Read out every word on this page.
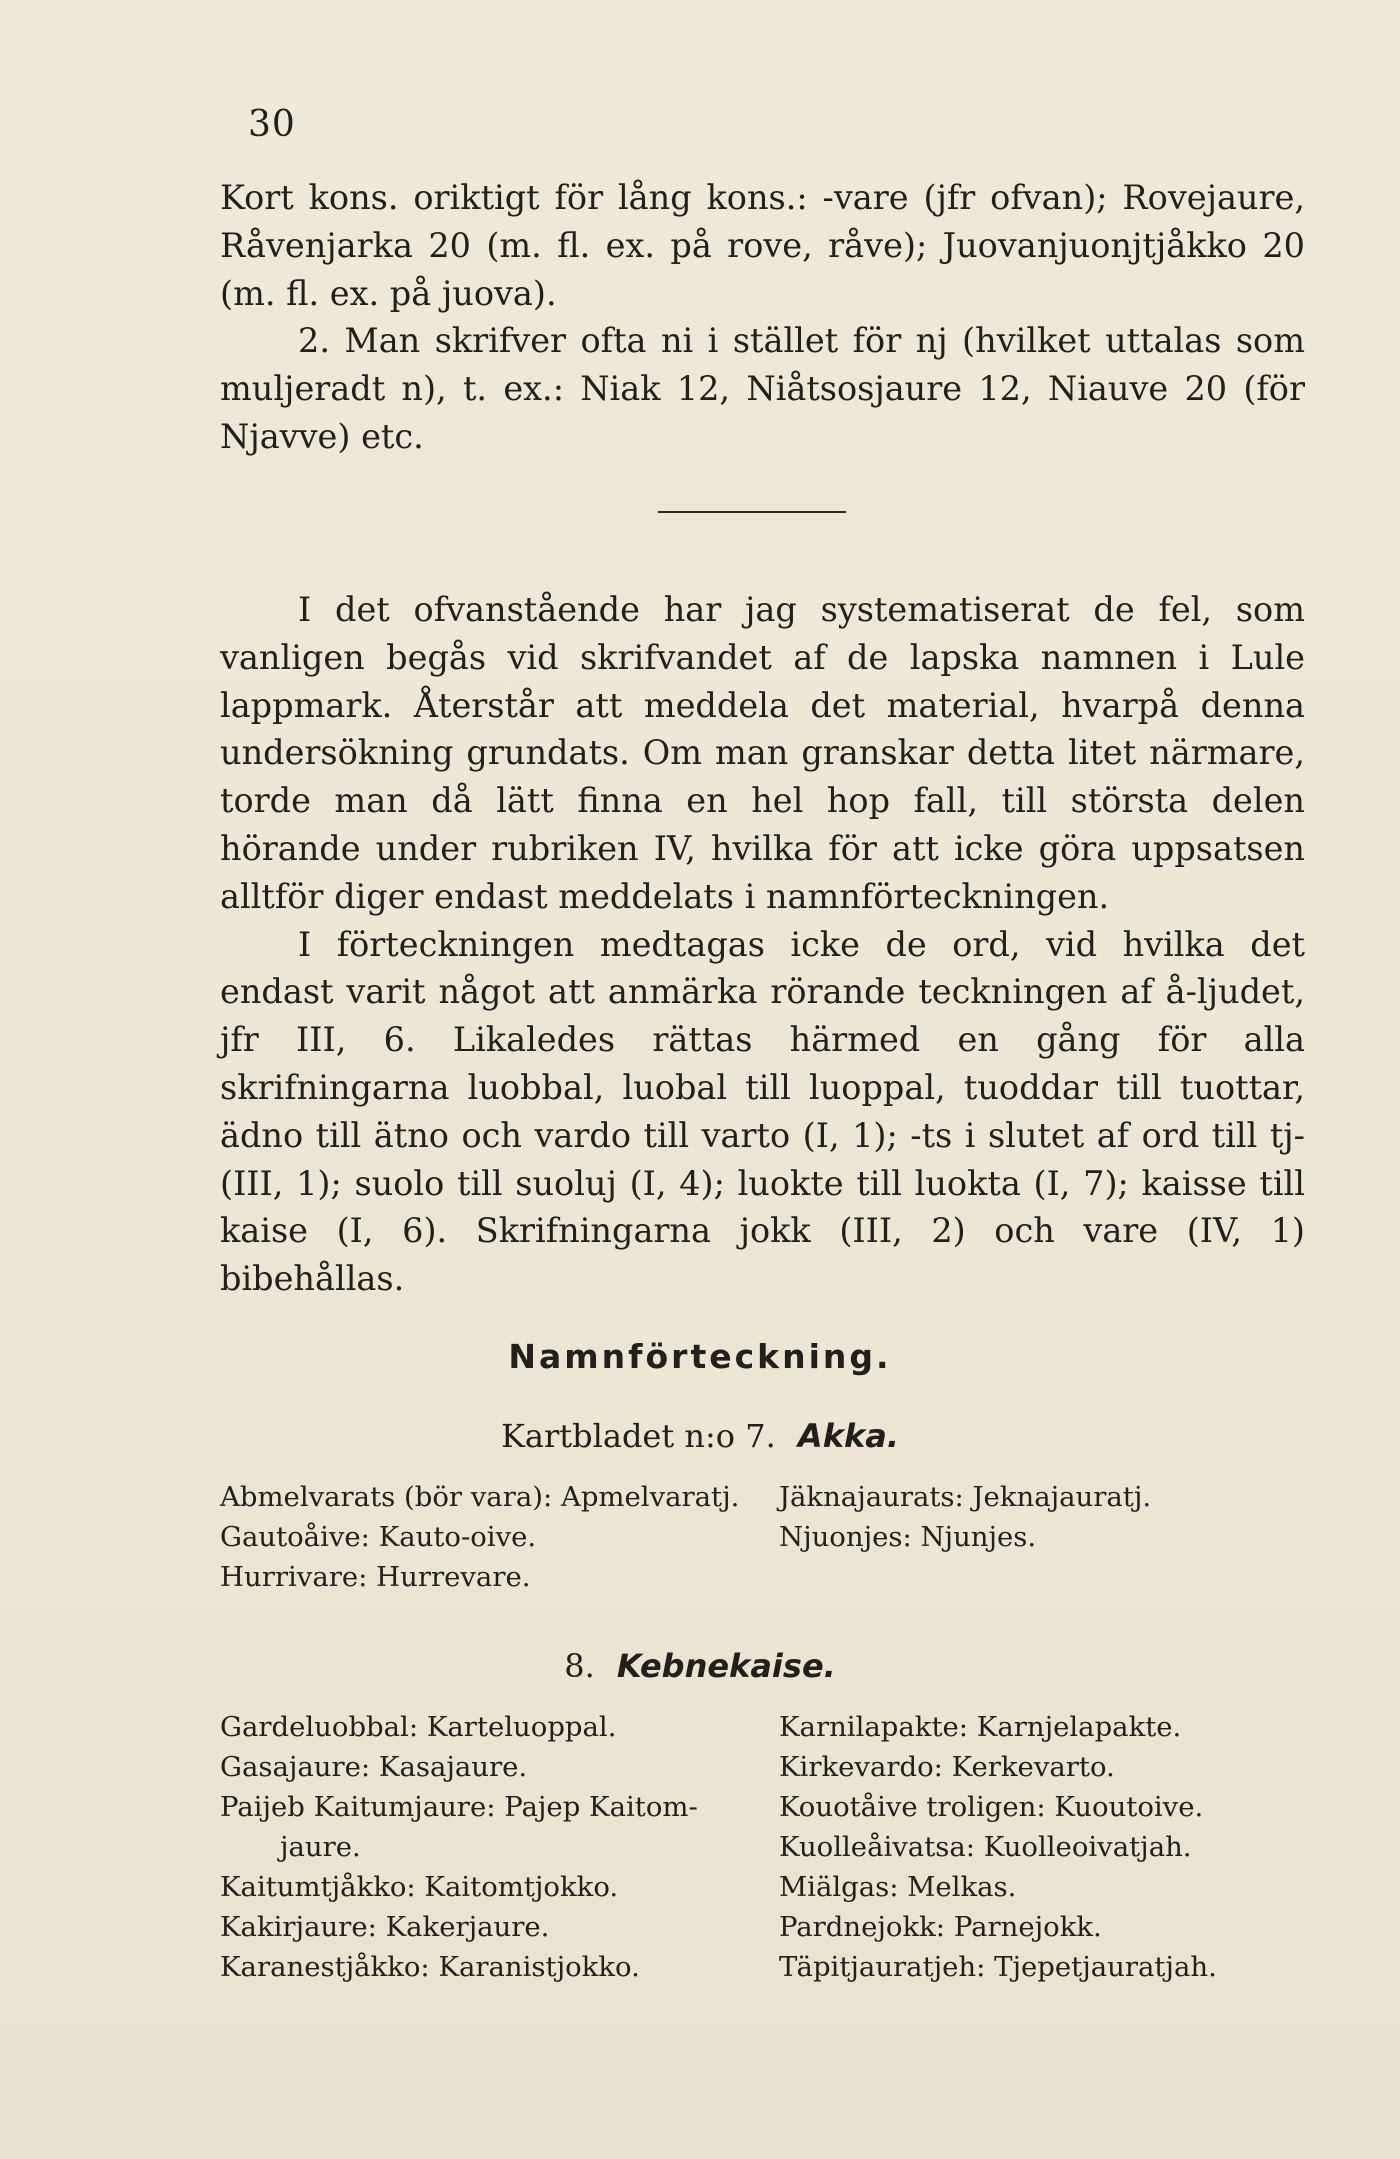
30

Kort kons. oriktigt för lång kons.: -vare (jfr ofvan); Rovejaure, Råvenjarka 20 (m. fl. ex. på rove, råve); Juovanjuonjtjåkko 20 (m. fl. ex. på juova).

2. Man skrifver ofta ni i stället för nj (hvilket uttalas som muljeradt n), t. ex.: Niak 12, Niåtsosjaure 12, Niauve 20 (för Njavve) etc.

I det ofvanstående har jag systematiserat de fel, som vanligen begås vid skrifvandet af de lapska namnen i Lule lappmark. Återstår att meddela det material, hvarpå denna undersökning grundats. Om man granskar detta litet närmare, torde man då lätt finna en hel hop fall, till största delen hörande under rubriken IV, hvilka för att icke göra uppsatsen alltför diger endast meddelats i namnförteckningen.

I förteckningen medtagas icke de ord, vid hvilka det endast varit något att anmärka rörande teckningen af å-ljudet, jfr III, 6. Likaledes rättas härmed en gång för alla skrifningarna luobbal, luobal till luoppal, tuoddar till tuottar, ädno till ätno och vardo till varto (I, 1); -ts i slutet af ord till tj- (III, 1); suolo till suoluj (I, 4); luokte till luokta (I, 7); kaisse till kaise (I, 6). Skrifningarna jokk (III, 2) och vare (IV, 1) bibehållas.

Namnförteckning.
Kartbladet n:o 7. Akka.
Abmelvarats (bör vara): Apmelvaratj.
Gautoåive: Kauto-oive.
Hurrivare: Hurrevare.
Jäknajaurats: Jeknajauratj.
Njuonjes: Njunjes.
8. Kebnekaise.
Gardeluobbal: Karteluoppal.
Gasajaure: Kasajaure.
Paijeb Kaitumjaure: Pajep Kaitom-
jaure.
Kaitumtjåkko: Kaitomtjokko.
Kakirjaure: Kakerjaure.
Karanestjåkko: Karanistjokko.
Karnilapakte: Karnjelapakte.
Kirkevardo: Kerkevarto.
Kouotåive troligen: Kuoutoive.
Kuolleåivatsa: Kuolleoivatjah.
Miälgas: Melkas.
Pardnejokk: Parnejokk.
Täpitjauratjeh: Tjepetjauratjah.
